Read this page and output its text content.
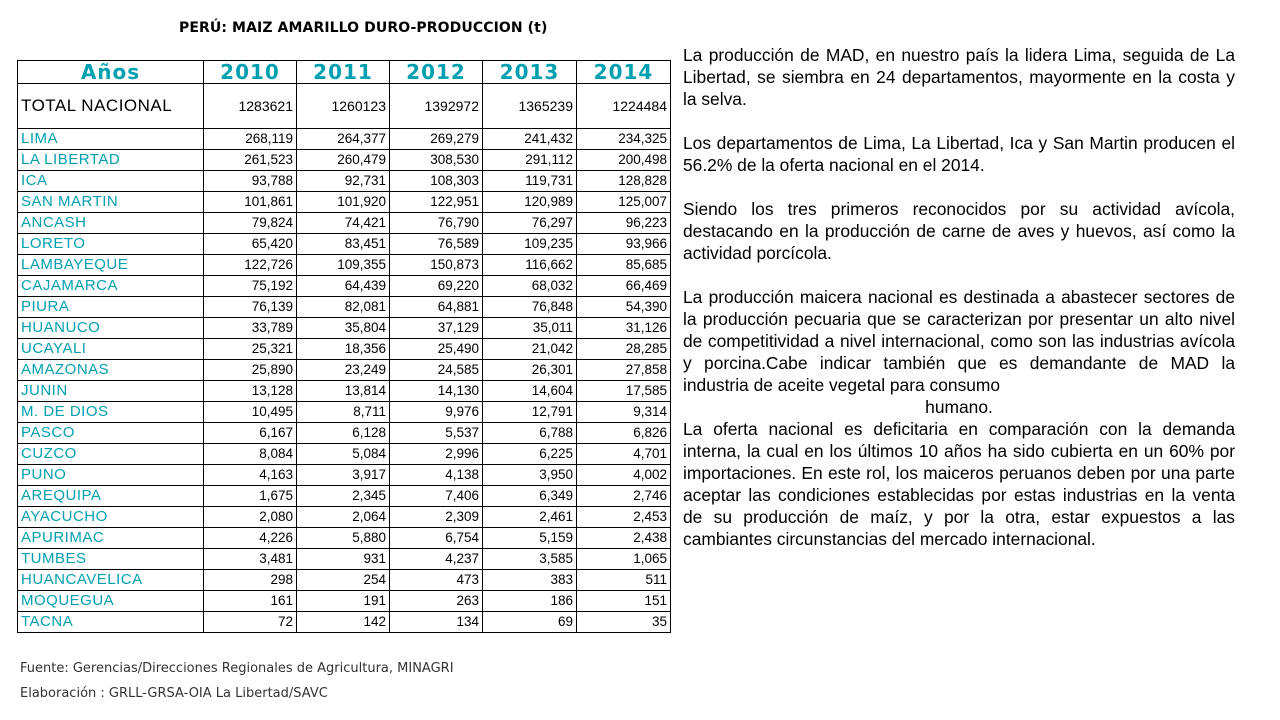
PERÚ: MAIZ AMARILLO DURO-PRODUCCION (t)
Años	2010	2011	2012	2013	2014
TOTAL NACIONAL	1283621	1260123	1392972	1365239	1224484
LIMA	268,119	264,377	269,279	241,432	234,325
LA LIBERTAD	261,523	260,479	308,530	291,112	200,498
ICA	93,788	92,731	108,303	119,731	128,828
SAN MARTIN	101,861	101,920	122,951	120,989	125,007
ANCASH	79,824	74,421	76,790	76,297	96,223
LORETO	65,420	83,451	76,589	109,235	93,966
LAMBAYEQUE	122,726	109,355	150,873	116,662	85,685
CAJAMARCA	75,192	64,439	69,220	68,032	66,469
PIURA	76,139	82,081	64,881	76,848	54,390
HUANUCO	33,789	35,804	37,129	35,011	31,126
UCAYALI	25,321	18,356	25,490	21,042	28,285
AMAZONAS	25,890	23,249	24,585	26,301	27,858
JUNIN	13,128	13,814	14,130	14,604	17,585
M. DE DIOS	10,495	8,711	9,976	12,791	9,314
PASCO	6,167	6,128	5,537	6,788	6,826
CUZCO	8,084	5,084	2,996	6,225	4,701
PUNO	4,163	3,917	4,138	3,950	4,002
AREQUIPA	1,675	2,345	7,406	6,349	2,746
AYACUCHO	2,080	2,064	2,309	2,461	2,453
APURIMAC	4,226	5,880	6,754	5,159	2,438
TUMBES	3,481	931	4,237	3,585	1,065
HUANCAVELICA	298	254	473	383	511
MOQUEGUA	161	191	263	186	151
TACNA	72	142	134	69	35
Fuente: Gerencias/Direcciones Regionales de Agricultura, MINAGRI
Elaboración : GRLL-GRSA-OIA La Libertad/SAVC

La producción de MAD, en nuestro país la lidera Lima, seguida de La Libertad, se siembra en 24 departamentos, mayormente en la costa y la selva.

Los departamentos de Lima, La Libertad, Ica y San Martin producen el 56.2% de la oferta nacional en el 2014.

Siendo los tres primeros reconocidos por su actividad avícola, destacando en la producción de carne de aves y huevos, así como la actividad porcícola.

La producción maicera nacional es destinada a abastecer sectores de la producción pecuaria que se caracterizan por presentar un alto nivel de competitividad a nivel internacional, como son las industrias avícola y porcina.Cabe indicar también que es demandante de MAD la industria de aceite vegetal para consumo

humano.

La oferta nacional es deficitaria en comparación con la demanda interna, la cual en los últimos 10 años ha sido cubierta en un 60% por importaciones. En este rol, los maiceros peruanos deben por una parte aceptar las condiciones establecidas por estas industrias en la venta de su producción de maíz, y por la otra, estar expuestos a las cambiantes circunstancias del mercado internacional.
